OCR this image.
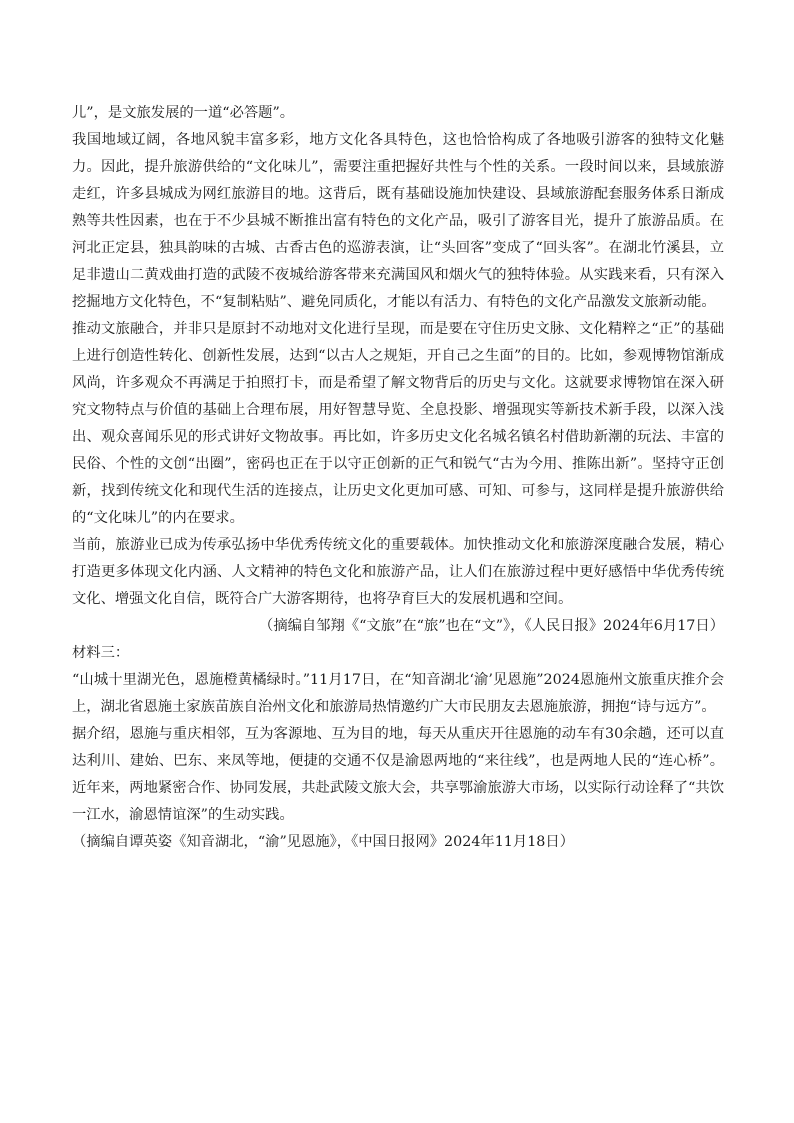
儿”，是文旅发展的一道“必答题”。

我国地域辽阔，各地风貌丰富多彩，地方文化各具特色，这也恰恰构成了各地吸引游客的独特文化魅力。因此，提升旅游供给的“文化味儿”，需要注重把握好共性与个性的关系。一段时间以来，县域旅游走红，许多县城成为网红旅游目的地。这背后，既有基础设施加快建设、县域旅游配套服务体系日渐成熟等共性因素，也在于不少县城不断推出富有特色的文化产品，吸引了游客目光，提升了旅游品质。在河北正定县，独具韵味的古城、古香古色的巡游表演，让“头回客”变成了“回头客”。在湖北竹溪县，立足非遗山二黄戏曲打造的武陵不夜城给游客带来充满国风和烟火气的独特体验。从实践来看，只有深入挖掘地方文化特色，不“复制粘贴”、避免同质化，才能以有活力、有特色的文化产品激发文旅新动能。

推动文旅融合，并非只是原封不动地对文化进行呈现，而是要在守住历史文脉、文化精粹之“正”的基础上进行创造性转化、创新性发展，达到“以古人之规矩，开自己之生面”的目的。比如，参观博物馆渐成风尚，许多观众不再满足于拍照打卡，而是希望了解文物背后的历史与文化。这就要求博物馆在深入研究文物特点与价值的基础上合理布展，用好智慧导览、全息投影、增强现实等新技术新手段，以深入浅出、观众喜闻乐见的形式讲好文物故事。再比如，许多历史文化名城名镇名村借助新潮的玩法、丰富的民俗、个性的文创“出圈”，密码也正在于以守正创新的正气和锐气“古为今用、推陈出新”。坚持守正创新，找到传统文化和现代生活的连接点，让历史文化更加可感、可知、可参与，这同样是提升旅游供给的“文化味儿”的内在要求。

当前，旅游业已成为传承弘扬中华优秀传统文化的重要载体。加快推动文化和旅游深度融合发展，精心打造更多体现文化内涵、人文精神的特色文化和旅游产品，让人们在旅游过程中更好感悟中华优秀传统文化、增强文化自信，既符合广大游客期待，也将孕育巨大的发展机遇和空间。

（摘编自邹翔《“文旅”在“旅”也在“文”》，《人民日报》2024年6月17日）

材料三：

“山城十里湖光色，恩施橙黄橘绿时。”11月17日，在“知音湖北‘渝’见恩施”2024恩施州文旅重庆推介会上，湖北省恩施土家族苗族自治州文化和旅游局热情邀约广大市民朋友去恩施旅游，拥抱“诗与远方”。

据介绍，恩施与重庆相邻，互为客源地、互为目的地，每天从重庆开往恩施的动车有30余趟，还可以直达利川、建始、巴东、来凤等地，便捷的交通不仅是渝恩两地的“来往线”，也是两地人民的“连心桥”。近年来，两地紧密合作、协同发展，共赴武陵文旅大会，共享鄂渝旅游大市场，以实际行动诠释了“共饮一江水，渝恩情谊深”的生动实践。

（摘编自谭英姿《知音湖北，“渝”见恩施》，《中国日报网》2024年11月18日）
